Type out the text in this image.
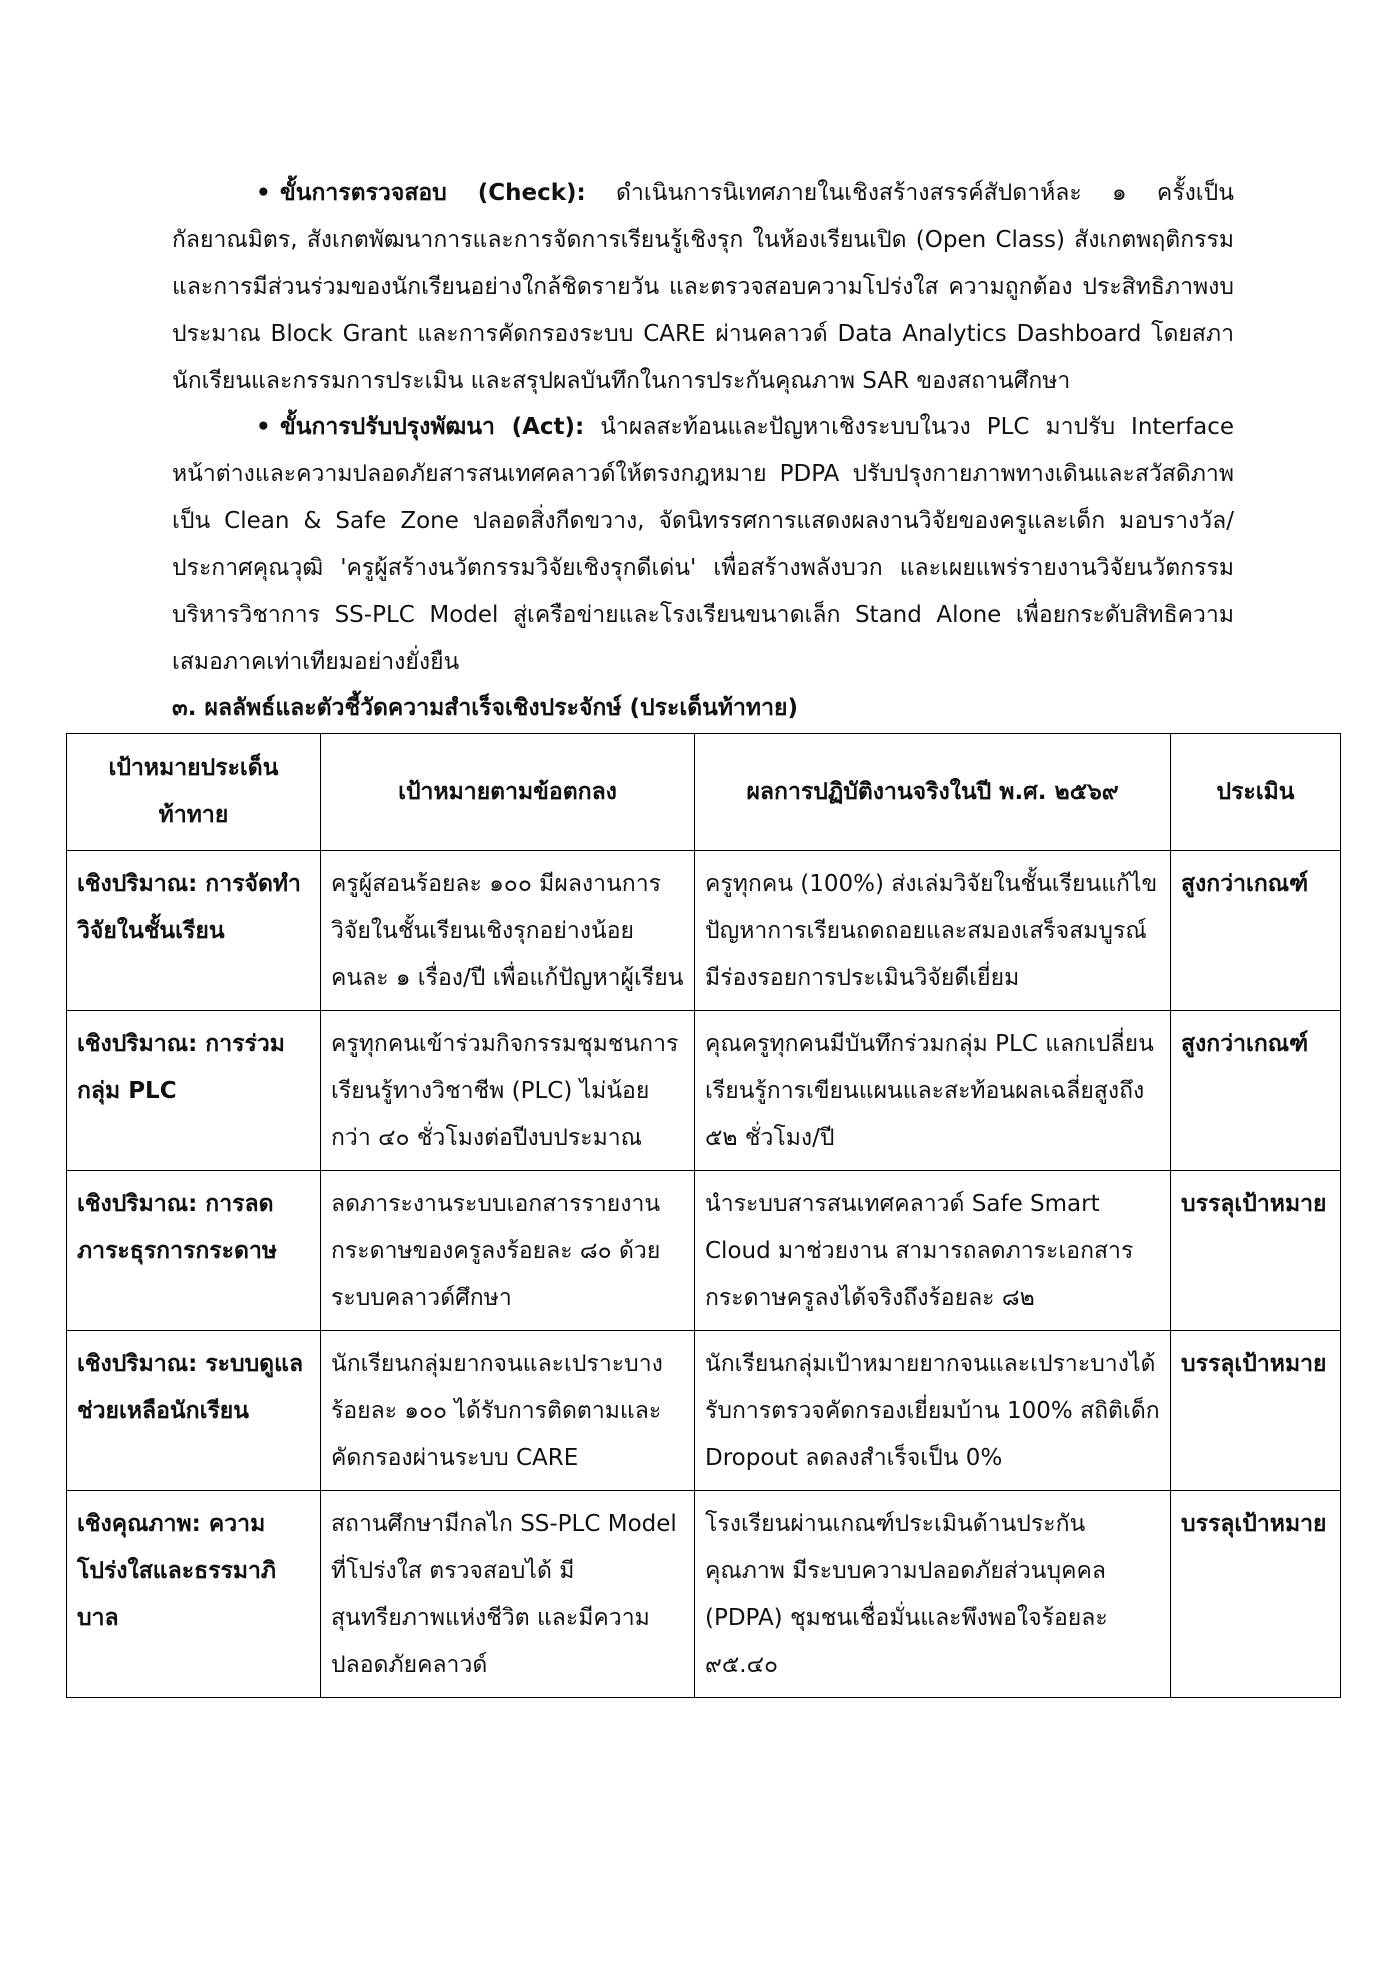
• ขั้นการตรวจสอบ (Check): ดำเนินการนิเทศภายในเชิงสร้างสรรค์สัปดาห์ละ ๑ ครั้งเป็นกัลยาณมิตร, สังเกตพัฒนาการและการจัดการเรียนรู้เชิงรุก ในห้องเรียนเปิด (Open Class) สังเกตพฤติกรรมและการมีส่วนร่วมของนักเรียนอย่างใกล้ชิดรายวัน และตรวจสอบความโปร่งใส ความถูกต้อง ประสิทธิภาพงบประมาณ Block Grant และการคัดกรองระบบ CARE ผ่านคลาวด์ Data Analytics Dashboard โดยสภานักเรียนและกรรมการประเมิน และสรุปผลบันทึกในการประกันคุณภาพ SAR ของสถานศึกษา

• ขั้นการปรับปรุงพัฒนา (Act): นำผลสะท้อนและปัญหาเชิงระบบในวง PLC มาปรับ Interface หน้าต่างและความปลอดภัยสารสนเทศคลาวด์ให้ตรงกฎหมาย PDPA ปรับปรุงกายภาพทางเดินและสวัสดิภาพเป็น Clean & Safe Zone ปลอดสิ่งกีดขวาง, จัดนิทรรศการแสดงผลงานวิจัยของครูและเด็ก มอบรางวัล/ประกาศคุณวุฒิ 'ครูผู้สร้างนวัตกรรมวิจัยเชิงรุกดีเด่น' เพื่อสร้างพลังบวก และเผยแพร่รายงานวิจัยนวัตกรรมบริหารวิชาการ SS-PLC Model สู่เครือข่ายและโรงเรียนขนาดเล็ก Stand Alone เพื่อยกระดับสิทธิความเสมอภาคเท่าเทียมอย่างยั่งยืน

๓. ผลลัพธ์และตัวชี้วัดความสำเร็จเชิงประจักษ์ (ประเด็นท้าทาย)

เป้าหมายประเด็นท้าทาย	เป้าหมายตามข้อตกลง	ผลการปฏิบัติงานจริงในปี พ.ศ. ๒๕๖๙	ประเมิน
เชิงปริมาณ: การจัดทำวิจัยในชั้นเรียน	ครูผู้สอนร้อยละ ๑๐๐ มีผลงานการวิจัยในชั้นเรียนเชิงรุกอย่างน้อยคนละ ๑ เรื่อง/ปี เพื่อแก้ปัญหาผู้เรียน	ครูทุกคน (100%) ส่งเล่มวิจัยในชั้นเรียนแก้ไขปัญหาการเรียนถดถอยและสมองเสร็จสมบูรณ์ มีร่องรอยการประเมินวิจัยดีเยี่ยม	สูงกว่าเกณฑ์
เชิงปริมาณ: การร่วมกลุ่ม PLC	ครูทุกคนเข้าร่วมกิจกรรมชุมชนการเรียนรู้ทางวิชาชีพ (PLC) ไม่น้อยกว่า ๔๐ ชั่วโมงต่อปีงบประมาณ	คุณครูทุกคนมีบันทึกร่วมกลุ่ม PLC แลกเปลี่ยนเรียนรู้การเขียนแผนและสะท้อนผลเฉลี่ยสูงถึง ๕๒ ชั่วโมง/ปี	สูงกว่าเกณฑ์
เชิงปริมาณ: การลดภาระธุรการกระดาษ	ลดภาระงานระบบเอกสารรายงานกระดาษของครูลงร้อยละ ๘๐ ด้วยระบบคลาวด์ศึกษา	นำระบบสารสนเทศคลาวด์ Safe Smart Cloud มาช่วยงาน สามารถลดภาระเอกสารกระดาษครูลงได้จริงถึงร้อยละ ๘๒	บรรลุเป้าหมาย
เชิงปริมาณ: ระบบดูแลช่วยเหลือนักเรียน	นักเรียนกลุ่มยากจนและเปราะบางร้อยละ ๑๐๐ ได้รับการติดตามและคัดกรองผ่านระบบ CARE	นักเรียนกลุ่มเป้าหมายยากจนและเปราะบางได้รับการตรวจคัดกรองเยี่ยมบ้าน 100% สถิติเด็ก Dropout ลดลงสำเร็จเป็น 0%	บรรลุเป้าหมาย
เชิงคุณภาพ: ความโปร่งใสและธรรมาภิบาล	สถานศึกษามีกลไก SS-PLC Model ที่โปร่งใส ตรวจสอบได้ มีสุนทรียภาพแห่งชีวิต และมีความปลอดภัยคลาวด์	โรงเรียนผ่านเกณฑ์ประเมินด้านประกันคุณภาพ มีระบบความปลอดภัยส่วนบุคคล (PDPA) ชุมชนเชื่อมั่นและพึงพอใจร้อยละ ๙๕.๔๐	บรรลุเป้าหมาย
